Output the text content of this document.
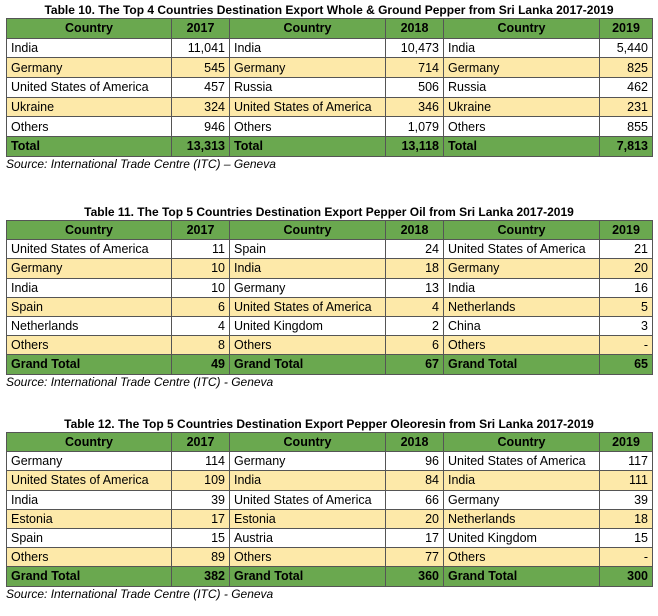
Table 10. The Top 4 Countries Destination Export Whole & Ground Pepper from Sri Lanka 2017-2019
Country	2017	Country	2018	Country	2019
India	11,041	India	10,473	India	5,440
Germany	545	Germany	714	Germany	825
United States of America	457	Russia	506	Russia	462
Ukraine	324	United States of America	346	Ukraine	231
Others	946	Others	1,079	Others	855
Total	13,313	Total	13,118	Total	7,813
Source: International Trade Centre (ITC) – Geneva
Table 11. The Top 5 Countries Destination Export Pepper Oil from Sri Lanka 2017-2019
Country	2017	Country	2018	Country	2019
United States of America	11	Spain	24	United States of America	21
Germany	10	India	18	Germany	20
India	10	Germany	13	India	16
Spain	6	United States of America	4	Netherlands	5
Netherlands	4	United Kingdom	2	China	3
Others	8	Others	6	Others	-
Grand Total	49	Grand Total	67	Grand Total	65
Source: International Trade Centre (ITC) - Geneva
Table 12. The Top 5 Countries Destination Export Pepper Oleoresin from Sri Lanka 2017-2019
Country	2017	Country	2018	Country	2019
Germany	114	Germany	96	United States of America	117
United States of America	109	India	84	India	111
India	39	United States of America	66	Germany	39
Estonia	17	Estonia	20	Netherlands	18
Spain	15	Austria	17	United Kingdom	15
Others	89	Others	77	Others	-
Grand Total	382	Grand Total	360	Grand Total	300
Source: International Trade Centre (ITC) - Geneva
